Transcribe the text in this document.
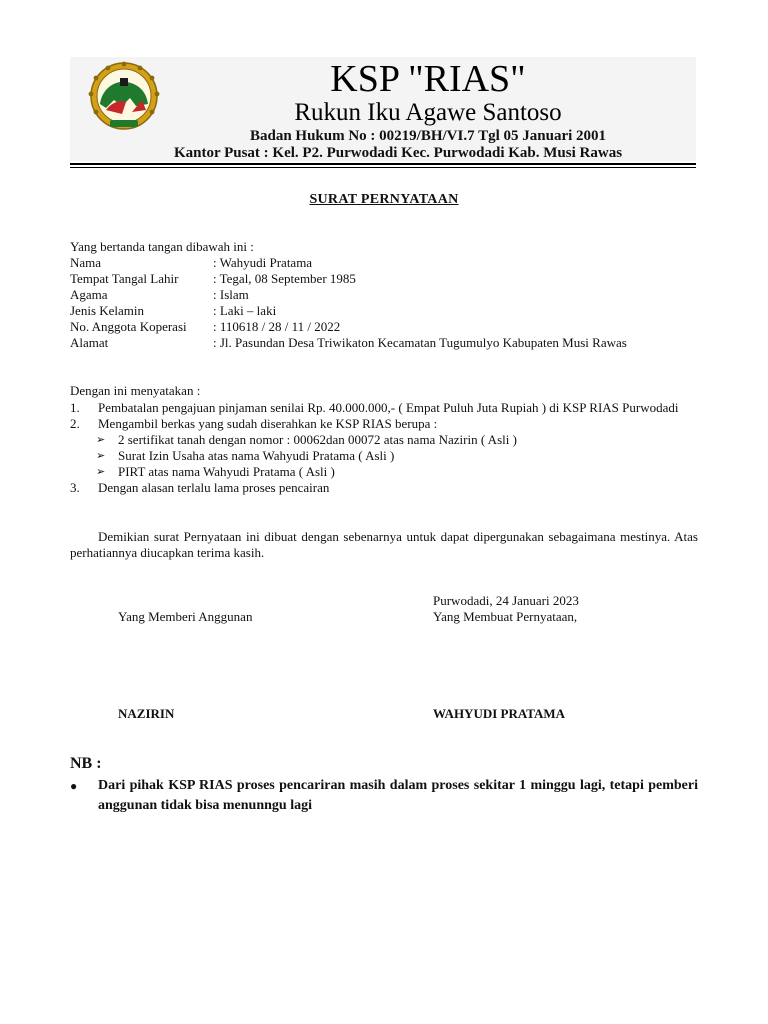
KSP "RIAS"
Rukun Iku Agawe Santoso
Badan Hukum No : 00219/BH/VI.7 Tgl 05 Januari 2001
Kantor Pusat : Kel. P2. Purwodadi Kec. Purwodadi Kab. Musi Rawas
SURAT PERNYATAAN
Yang bertanda tangan dibawah ini :
Nama	: Wahyudi Pratama
Tempat Tangal Lahir	: Tegal, 08 September 1985
Agama	: Islam
Jenis Kelamin	: Laki – laki
No. Anggota Koperasi : 110618 / 28 / 11 / 2022
Alamat	: Jl. Pasundan Desa Triwikaton Kecamatan Tugumulyo Kabupaten Musi Rawas
Dengan ini menyatakan :
1. Pembatalan pengajuan pinjaman senilai Rp. 40.000.000,- ( Empat Puluh Juta Rupiah ) di KSP RIAS Purwodadi
2. Mengambil berkas yang sudah diserahkan ke KSP RIAS berupa :
➢ 2 sertifikat tanah dengan nomor : 00062dan 00072 atas nama Nazirin ( Asli )
➢ Surat Izin Usaha atas nama Wahyudi Pratama ( Asli )
➢ PIRT atas nama Wahyudi Pratama ( Asli )
3. Dengan alasan terlalu lama proses pencairan
Demikian surat Pernyataan ini dibuat dengan sebenarnya untuk dapat dipergunakan sebagaimana mestinya. Atas perhatiannya diucapkan terima kasih.
Purwodadi, 24 Januari 2023
Yang Memberi Anggunan	Yang Membuat Pernyataan,
NAZIRIN	WAHYUDI PRATAMA
NB :
● Dari pihak KSP RIAS proses pencariran masih dalam proses sekitar 1 minggu lagi, tetapi pemberi anggunan tidak bisa menunngu lagi
